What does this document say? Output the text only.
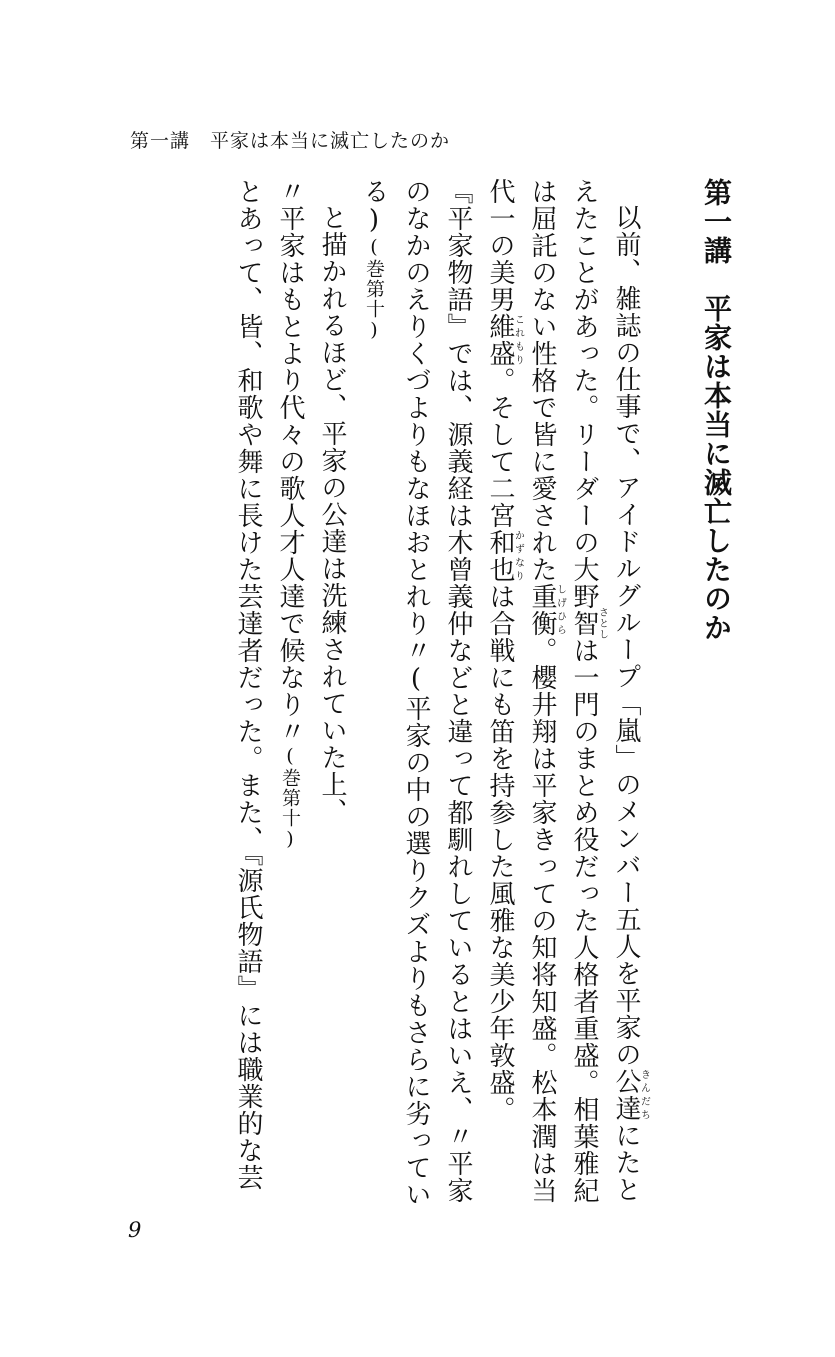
第一講　平家は本当に滅亡したのか
第一講　平家は本当に滅亡したのか

以前、雑誌の仕事で、アイドルグループ「嵐」のメンバー五人を平家の公達きんだちにたとえたことがあった。リーダーの大野智さとしは一門のまとめ役だった人格者重盛。相葉雅紀は屈託のない性格で皆に愛された重衡しげひら。櫻井翔は平家きっての知将知盛。松本潤は当代一の美男維盛これもり。そして二宮和也かずなりは合戦にも笛を持参した風雅な美少年敦盛。

『平家物語』では、源義経は木曾義仲などと違って都馴れしているとはいえ、〃平家のなかのえりくづよりもなほおとれり〃(平家の中の選りクズよりもさらに劣っている)(巻第十)

と描かれるほど、平家の公達は洗練されていた上、

〃平家はもとより代々の歌人才人達で候なり〃(巻第十)

とあって、皆、和歌や舞に長けた芸達者だった。また、『源氏物語』には職業的な芸

9
